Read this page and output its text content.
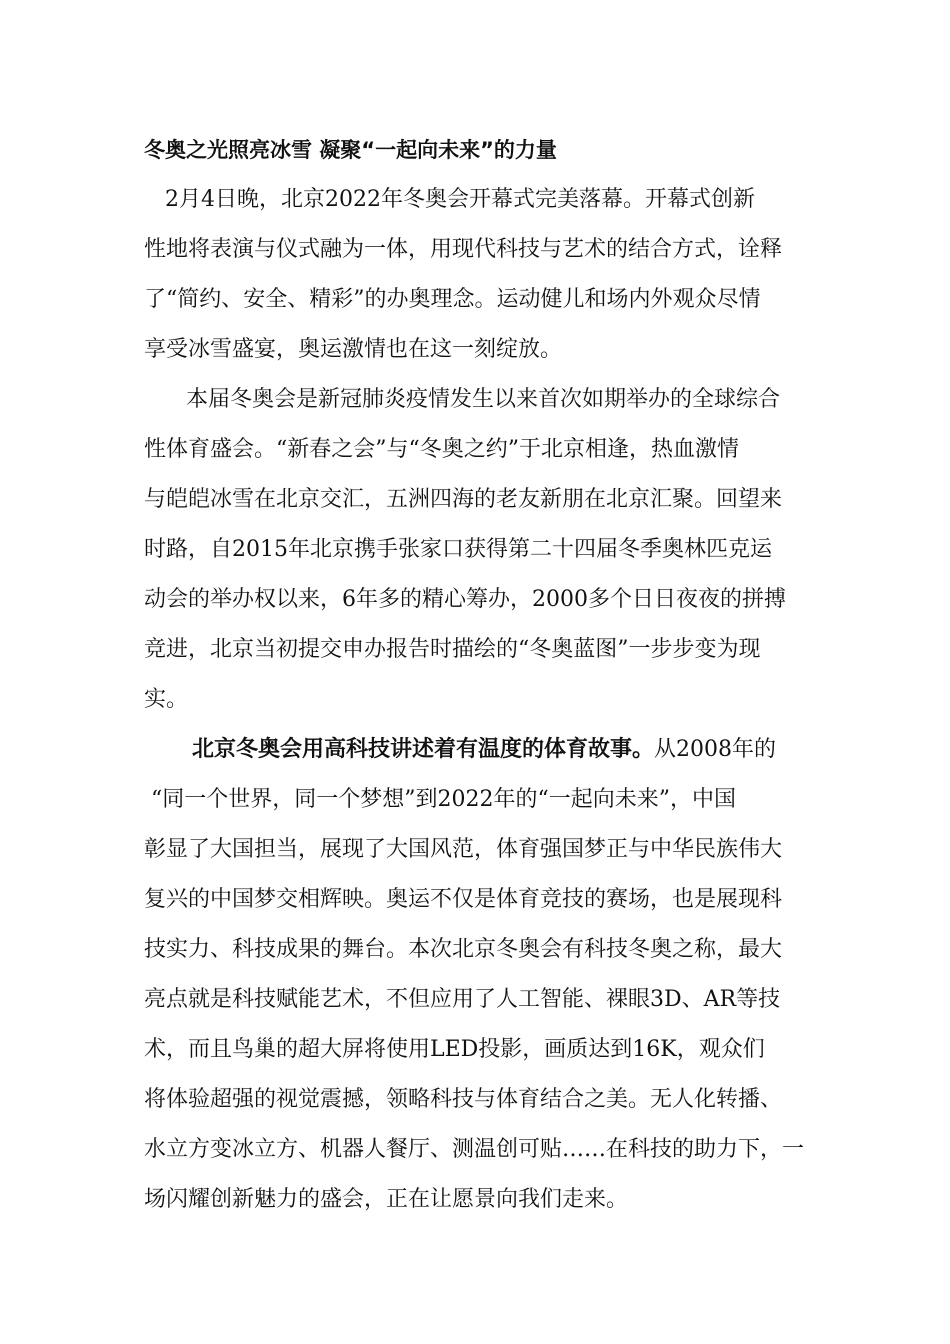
冬奥之光照亮冰雪 凝聚“一起向未来”的力量
2月4日晚，北京2022年冬奥会开幕式完美落幕。开幕式创新
性地将表演与仪式融为一体，用现代科技与艺术的结合方式，诠释
了“简约、安全、精彩”的办奥理念。运动健儿和场内外观众尽情
享受冰雪盛宴，奥运激情也在这一刻绽放。
本届冬奥会是新冠肺炎疫情发生以来首次如期举办的全球综合
性体育盛会。“新春之会”与“冬奥之约”于北京相逢，热血激情
与皑皑冰雪在北京交汇，五洲四海的老友新朋在北京汇聚。回望来
时路，自2015年北京携手张家口获得第二十四届冬季奥林匹克运
动会的举办权以来，6年多的精心筹办，2000多个日日夜夜的拼搏
竞进，北京当初提交申办报告时描绘的“冬奥蓝图”一步步变为现
实。
北京冬奥会用高科技讲述着有温度的体育故事。从2008年的
“同一个世界，同一个梦想”到2022年的“一起向未来”，中国
彰显了大国担当，展现了大国风范，体育强国梦正与中华民族伟大
复兴的中国梦交相辉映。奥运不仅是体育竞技的赛场，也是展现科
技实力、科技成果的舞台。本次北京冬奥会有科技冬奥之称，最大
亮点就是科技赋能艺术，不但应用了人工智能、裸眼3D、AR等技
术，而且鸟巢的超大屏将使用LED投影，画质达到16K，观众们
将体验超强的视觉震撼，领略科技与体育结合之美。无人化转播、
水立方变冰立方、机器人餐厅、测温创可贴……在科技的助力下，一
场闪耀创新魅力的盛会，正在让愿景向我们走来。
